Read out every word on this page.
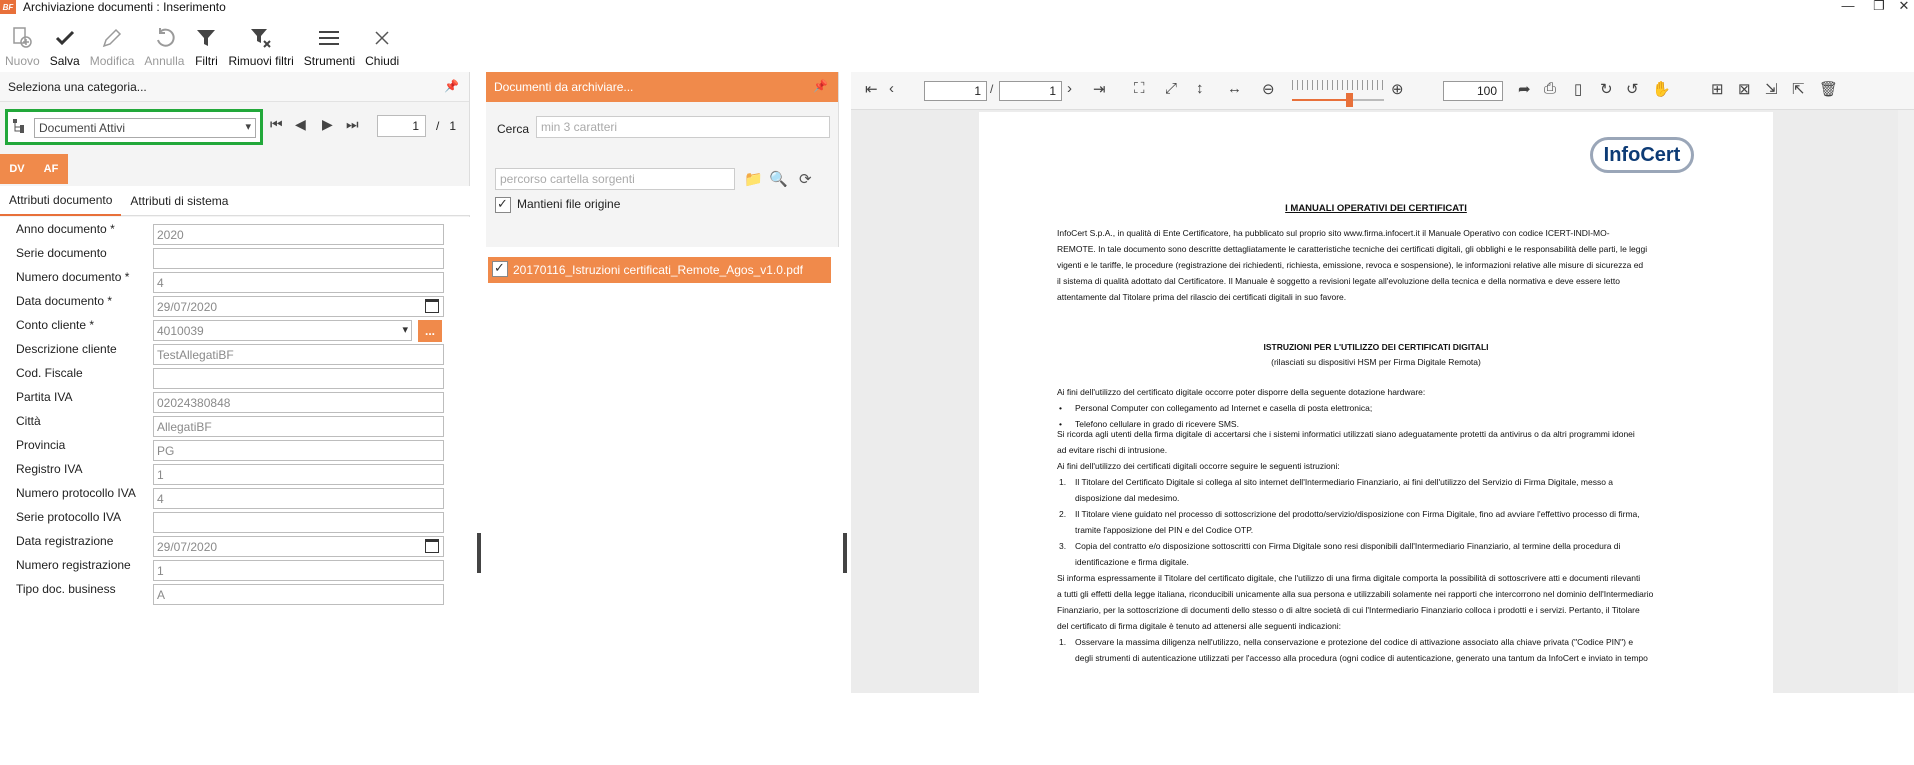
BF Archiviazione documenti : Inserimento	—	❐	✕
Nuovo Salva Modifica Annulla Filtri Rimuovi filtri Strumenti Chiudi
Seleziona una categoria...	📌
Documenti Attivi	▾ ⏮ ◀ ▶ ⏭	1	/ 1
DV	AF
Attributi documento	Attributi di sistema
Anno documento *	2020
Serie documento
Numero documento *	4
Data documento *	29/07/2020
...
Conto cliente *	4010039	▾
Descrizione cliente	TestAllegatiBF
Cod. Fiscale
Partita IVA	02024380848
Città	AllegatiBF
Provincia	PG
Registro IVA	1
Numero protocollo IVA	4
Serie protocollo IVA
Data registrazione	29/07/2020
Numero registrazione	1
Tipo doc. business	A
Documenti da archiviare...	📌
Cerca min 3 caratteri
percorso cartella sorgenti	📁 🔍 ⟳
✓
Mantieni file origine
✓
20170116_Istruzioni certificati_Remote_Agos_v1.0.pdf
⇤ ‹	1 /	1 › ⇥ ⛶ ⤢ ↕ ↔ ⊖	⊕	100	➦ ⎙ ▯ ↻ ↺ ✋	⊞ ⊠ ⇲ ⇱ 🗑
Info Cert
I MANUALI OPERATIVI DEI CERTIFICATI
InfoCert S.p.A., in qualità di Ente Certificatore, ha pubblicato sul proprio sito www.firma.infocert.it il Manuale Operativo con codice ICERT-INDI-MO-
REMOTE. In tale documento sono descritte dettagliatamente le caratteristiche tecniche dei certificati digitali, gli obblighi e le responsabilità delle parti, le leggi
vigenti e le tariffe, le procedure (registrazione dei richiedenti, richiesta, emissione, revoca e sospensione), le informazioni relative alle misure di sicurezza ed
il sistema di qualità adottato dal Certificatore. Il Manuale è soggetto a revisioni legate all'evoluzione della tecnica e della normativa e deve essere letto
attentamente dal Titolare prima del rilascio dei certificati digitali in suo favore.
ISTRUZIONI PER L'UTILIZZO DEI CERTIFICATI DIGITALI
(rilasciati su dispositivi HSM per Firma Digitale Remota)
Ai fini dell'utilizzo del certificato digitale occorre poter disporre della seguente dotazione hardware:
• Personal Computer con collegamento ad Internet e casella di posta elettronica;
• Telefono cellulare in grado di ricevere SMS.
Si ricorda agli utenti della firma digitale di accertarsi che i sistemi informatici utilizzati siano adeguatamente protetti da antivirus o da altri programmi idonei
ad evitare rischi di intrusione.
Ai fini dell'utilizzo dei certificati digitali occorre seguire le seguenti istruzioni:
1. Il Titolare del Certificato Digitale si collega al sito internet dell'Intermediario Finanziario, ai fini dell'utilizzo del Servizio di Firma Digitale, messo a
disposizione dal medesimo.
2. Il Titolare viene guidato nel processo di sottoscrizione del prodotto/servizio/disposizione con Firma Digitale, fino ad avviare l'effettivo processo di firma,
tramite l'apposizione del PIN e del Codice OTP.
3. Copia del contratto e/o disposizione sottoscritti con Firma Digitale sono resi disponibili dall'Intermediario Finanziario, al termine della procedura di
identificazione e firma digitale.
Si informa espressamente il Titolare del certificato digitale, che l'utilizzo di una firma digitale comporta la possibilità di sottoscrivere atti e documenti rilevanti
a tutti gli effetti della legge italiana, riconducibili unicamente alla sua persona e utilizzabili solamente nei rapporti che intercorrono nel dominio dell'Intermediario
Finanziario, per la sottoscrizione di documenti dello stesso o di altre società di cui l'Intermediario Finanziario colloca i prodotti e i servizi. Pertanto, il Titolare
del certificato di firma digitale è tenuto ad attenersi alle seguenti indicazioni:
1. Osservare la massima diligenza nell'utilizzo, nella conservazione e protezione del codice di attivazione associato alla chiave privata ("Codice PIN") e
degli strumenti di autenticazione utilizzati per l'accesso alla procedura (ogni codice di autenticazione, generato una tantum da InfoCert e inviato in tempo
